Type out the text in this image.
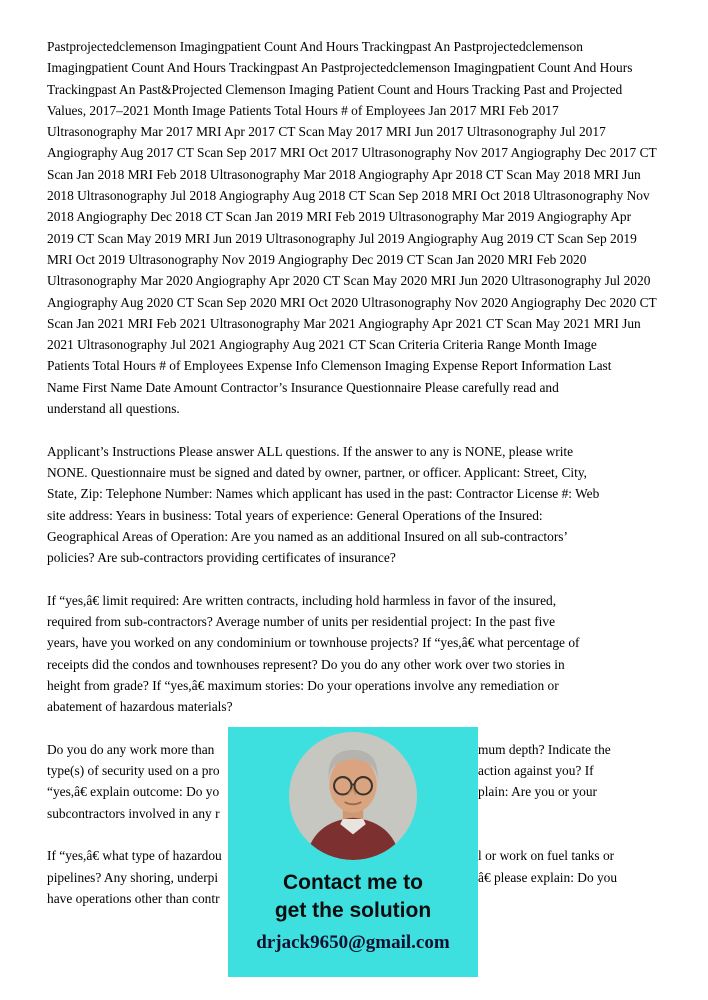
Pastprojectedclemenson Imagingpatient Count And Hours Trackingpast An Pastprojectedclemenson
Imagingpatient Count And Hours Trackingpast An Pastprojectedclemenson Imagingpatient Count And Hours
Trackingpast An Past&Projected Clemenson Imaging Patient Count and Hours Tracking Past and Projected
Values, 2017–2021 Month Image Patients Total Hours # of Employees Jan 2017 MRI Feb 2017
Ultrasonography Mar 2017 MRI Apr 2017 CT Scan May 2017 MRI Jun 2017 Ultrasonography Jul 2017
Angiography Aug 2017 CT Scan Sep 2017 MRI Oct 2017 Ultrasonography Nov 2017 Angiography Dec 2017 CT
Scan Jan 2018 MRI Feb 2018 Ultrasonography Mar 2018 Angiography Apr 2018 CT Scan May 2018 MRI Jun
2018 Ultrasonography Jul 2018 Angiography Aug 2018 CT Scan Sep 2018 MRI Oct 2018 Ultrasonography Nov
2018 Angiography Dec 2018 CT Scan Jan 2019 MRI Feb 2019 Ultrasonography Mar 2019 Angiography Apr
2019 CT Scan May 2019 MRI Jun 2019 Ultrasonography Jul 2019 Angiography Aug 2019 CT Scan Sep 2019
MRI Oct 2019 Ultrasonography Nov 2019 Angiography Dec 2019 CT Scan Jan 2020 MRI Feb 2020
Ultrasonography Mar 2020 Angiography Apr 2020 CT Scan May 2020 MRI Jun 2020 Ultrasonography Jul 2020
Angiography Aug 2020 CT Scan Sep 2020 MRI Oct 2020 Ultrasonography Nov 2020 Angiography Dec 2020 CT
Scan Jan 2021 MRI Feb 2021 Ultrasonography Mar 2021 Angiography Apr 2021 CT Scan May 2021 MRI Jun
2021 Ultrasonography Jul 2021 Angiography Aug 2021 CT Scan Criteria Criteria Range Month Image
Patients Total Hours # of Employees Expense Info Clemenson Imaging Expense Report Information Last
Name First Name Date Amount Contractor’s Insurance Questionnaire Please carefully read and
understand all questions.
Applicant’s Instructions Please answer ALL questions. If the answer to any is NONE, please write
NONE. Questionnaire must be signed and dated by owner, partner, or officer. Applicant: Street, City,
State, Zip: Telephone Number: Names which applicant has used in the past: Contractor License #: Web
site address: Years in business: Total years of experience: General Operations of the Insured:
Geographical Areas of Operation: Are you named as an additional Insured on all sub-contractors’
policies? Are sub-contractors providing certificates of insurance?
If “yes,â€ limit required: Are written contracts, including hold harmless in favor of the insured,
required from sub-contractors? Average number of units per residential project: In the past five
years, have you worked on any condominium or townhouse projects? If “yes,â€ what percentage of
receipts did the condos and townhouses represent? Do you do any other work over two stories in
height from grade? If “yes,â€ maximum stories: Do your operations involve any remediation or
abatement of hazardous materials?
Do you do any work more than	mum depth? Indicate the
type(s) of security used on a pro	action against you? If
“yes,â€ explain outcome: Do yo	plain: Are you or your
subcontractors involved in any r
If “yes,â€ what type of hazardou	l or work on fuel tanks or
pipelines? Any shoring, underpi	â€ please explain: Do you
have operations other than contr
Contact me to
get the solution
drjack9650@gmail.com
